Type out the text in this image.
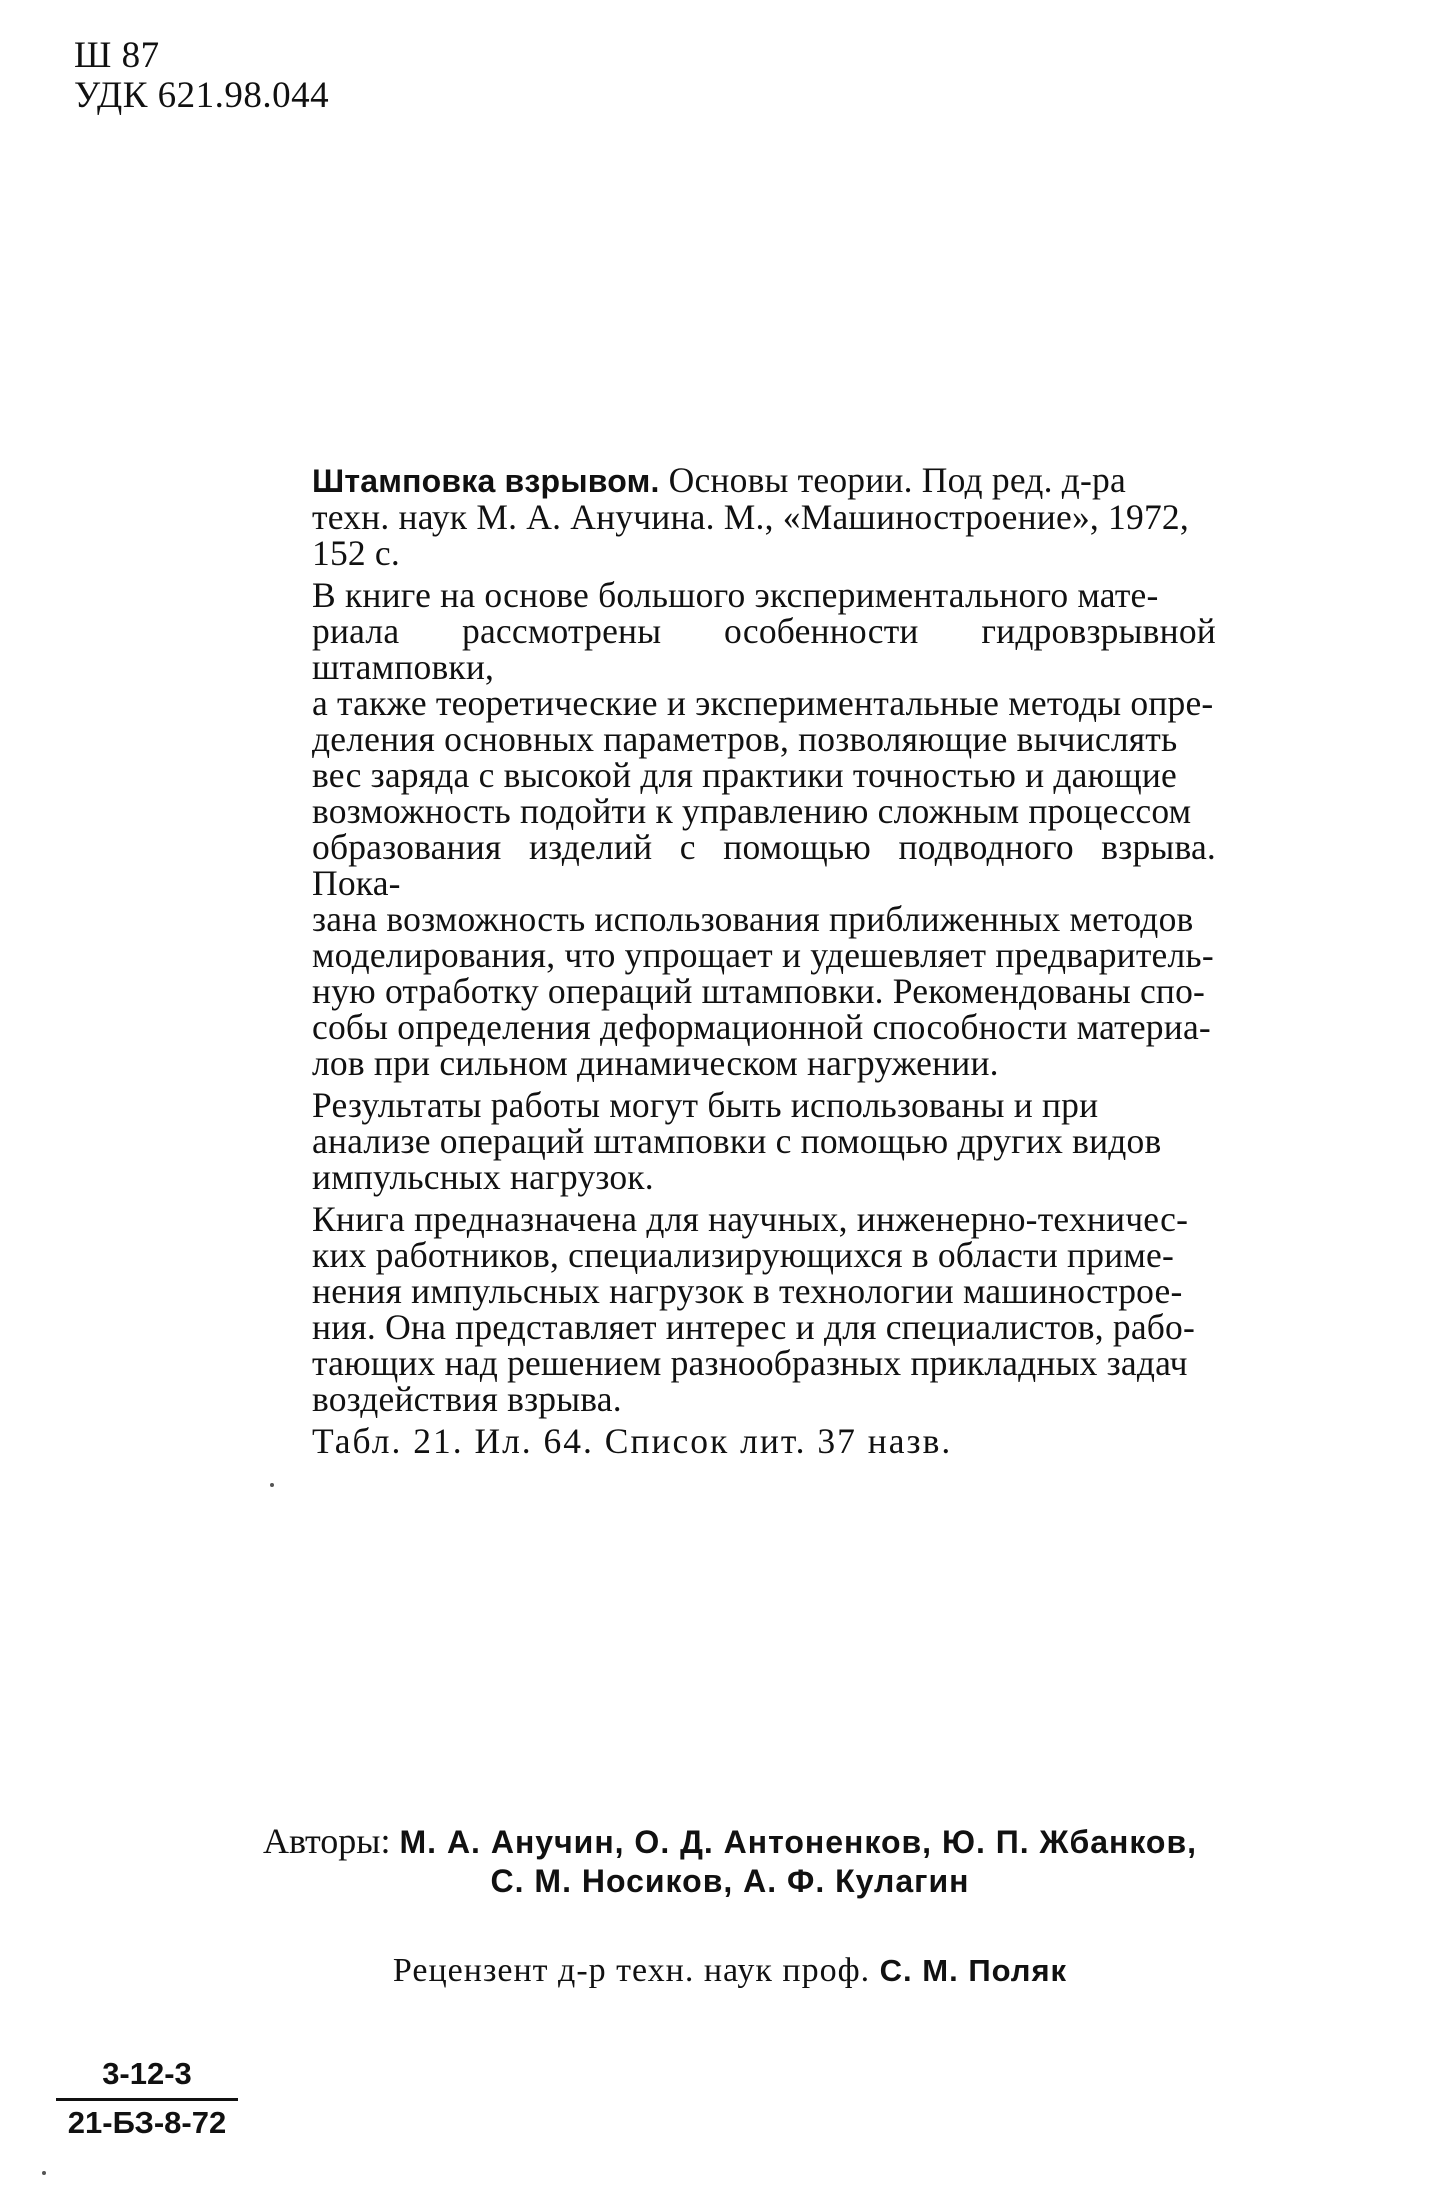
Ш 87
УДК 621.98.044

Штамповка взрывом. Основы теории. Под ред. д-ра
техн. наук М. А. Анучина. М., «Машиностроение», 1972,
152 с.

В книге на основе большого экспериментального мате-
риала рассмотрены особенности гидровзрывной штамповки,
а также теоретические и экспериментальные методы опре-
деления основных параметров, позволяющие вычислять
вес заряда с высокой для практики точностью и дающие
возможность подойти к управлению сложным процессом
образования изделий с помощью подводного взрыва. Пока-
зана возможность использования приближенных методов
моделирования, что упрощает и удешевляет предваритель-
ную отработку операций штамповки. Рекомендованы спо-
собы определения деформационной способности материа-
лов при сильном динамическом нагружении.

Результаты работы могут быть использованы и при
анализе операций штамповки с помощью других видов
импульсных нагрузок.

Книга предназначена для научных, инженерно-техничес-
ких работников, специализирующихся в области приме-
нения импульсных нагрузок в технологии машинострое-
ния. Она представляет интерес и для специалистов, рабо-
тающих над решением разнообразных прикладных задач
воздействия взрыва.

Табл. 21. Ил. 64. Список лит. 37 назв.

Авторы: М. А. Анучин, О. Д. Антоненков, Ю. П. Жбанков,
С. М. Носиков, А. Ф. Кулагин
Рецензент д-р техн. наук проф. С. М. Поляк
3-12-3
21-БЗ-8-72
